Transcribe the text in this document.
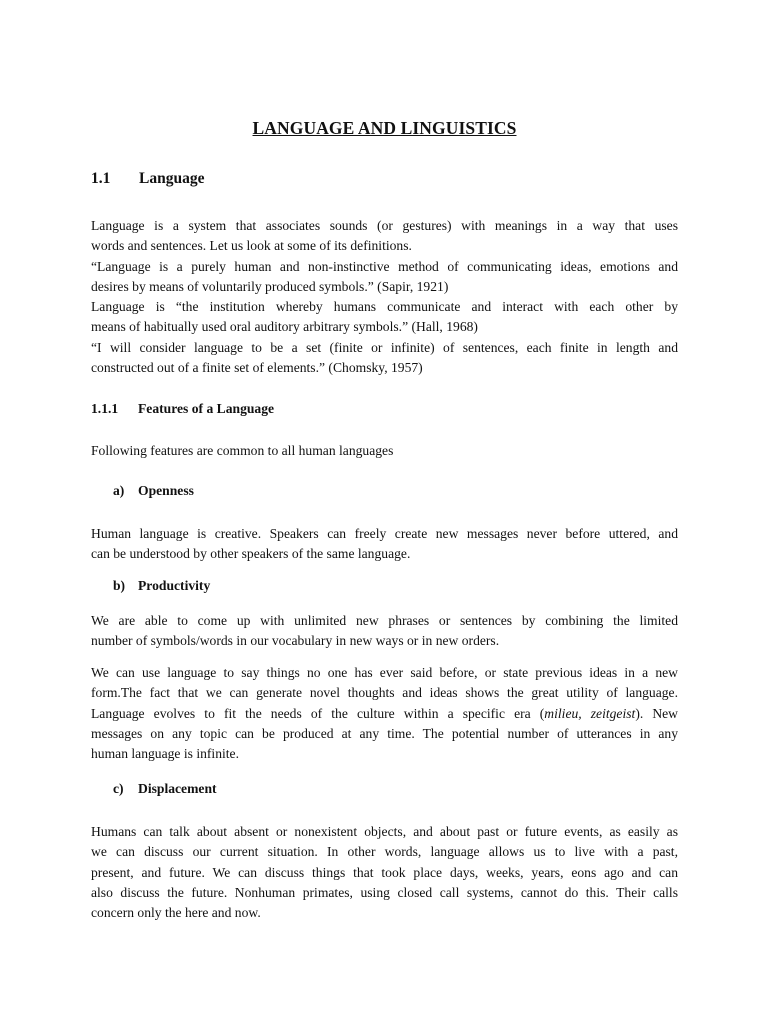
LANGUAGE AND LINGUISTICS
1.1 Language
Language is a system that associates sounds (or gestures) with meanings in a way that uses
words and sentences. Let us look at some of its definitions.
“Language is a purely human and non-instinctive method of communicating ideas, emotions and
desires by means of voluntarily produced symbols.” (Sapir, 1921)
Language is “the institution whereby humans communicate and interact with each other by
means of habitually used oral auditory arbitrary symbols.” (Hall, 1968)
“I will consider language to be a set (finite or infinite) of sentences, each finite in length and
constructed out of a finite set of elements.” (Chomsky, 1957)
1.1.1 Features of a Language
Following features are common to all human languages
a) Openness
Human language is creative. Speakers can freely create new messages never before uttered, and
can be understood by other speakers of the same language.
b) Productivity
We are able to come up with unlimited new phrases or sentences by combining the limited
number of symbols/words in our vocabulary in new ways or in new orders.
We can use language to say things no one has ever said before, or state previous ideas in a new
form.The fact that we can generate novel thoughts and ideas shows the great utility of language.
Language evolves to fit the needs of the culture within a specific era (milieu, zeitgeist). New
messages on any topic can be produced at any time. The potential number of utterances in any
human language is infinite.
c) Displacement
Humans can talk about absent or nonexistent objects, and about past or future events, as easily as
we can discuss our current situation. In other words, language allows us to live with a past,
present, and future. We can discuss things that took place days, weeks, years, eons ago and can
also discuss the future. Nonhuman primates, using closed call systems, cannot do this. Their calls
concern only the here and now.
